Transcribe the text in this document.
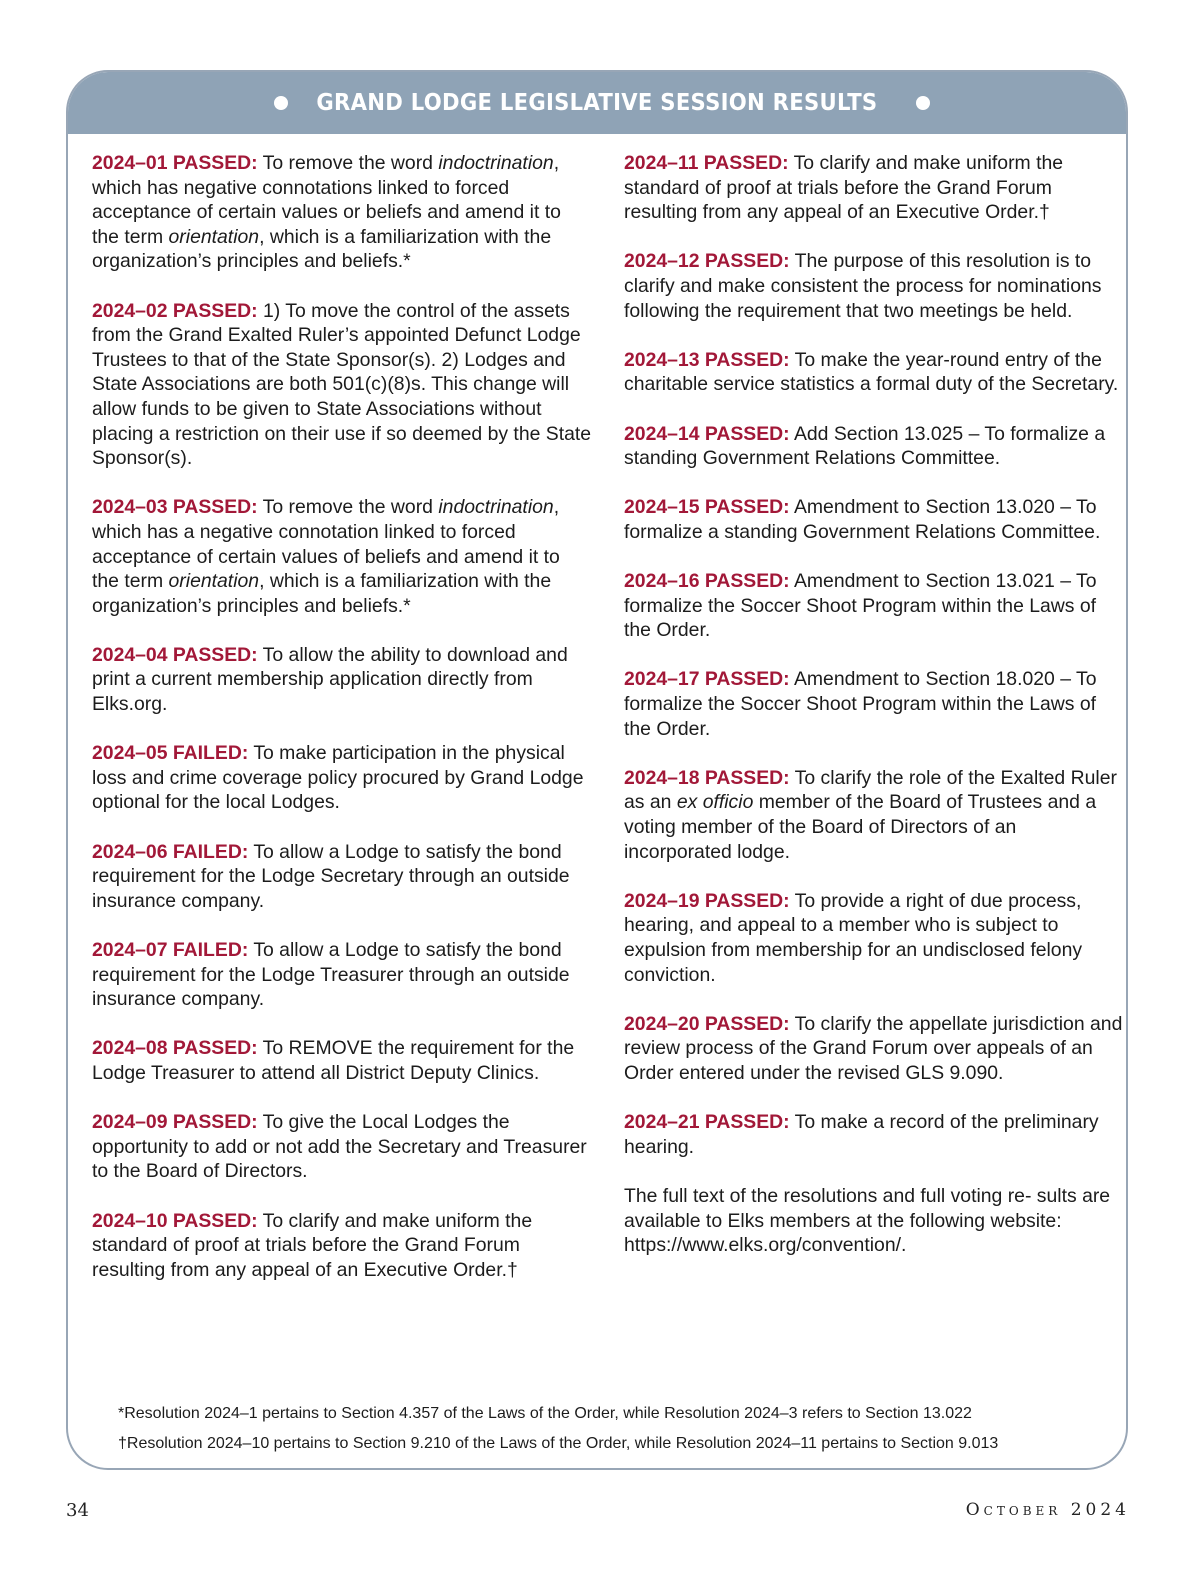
GRAND LODGE LEGISLATIVE SESSION RESULTS

2024–01 PASSED: To remove the word indoctrination, which has negative connotations linked to forced acceptance of certain values or beliefs and amend it to the term orientation, which is a familiarization with the organization’s principles and beliefs.*

2024–02 PASSED: 1) To move the control of the assets from the Grand Exalted Ruler’s appointed Defunct Lodge Trustees to that of the State Sponsor(s). 2) Lodges and State Associations are both 501(c)(8)s. This change will allow funds to be given to State Associations without placing a restriction on their use if so deemed by the State Sponsor(s).

2024–03 PASSED: To remove the word indoctrination, which has a negative connotation linked to forced acceptance of certain values of beliefs and amend it to the term orientation, which is a familiarization with the organization’s principles and beliefs.*

2024–04 PASSED: To allow the ability to download and print a current membership application directly from Elks.org.

2024–05 FAILED: To make participation in the physical loss and crime coverage policy procured by Grand Lodge optional for the local Lodges.

2024–06 FAILED: To allow a Lodge to satisfy the bond requirement for the Lodge Secretary through an outside insurance company.

2024–07 FAILED: To allow a Lodge to satisfy the bond requirement for the Lodge Treasurer through an outside insurance company.

2024–08 PASSED: To REMOVE the requirement for the Lodge Treasurer to attend all District Deputy Clinics.

2024–09 PASSED: To give the Local Lodges the opportunity to add or not add the Secretary and Treasurer to the Board of Directors.

2024–10 PASSED: To clarify and make uniform the standard of proof at trials before the Grand Forum resulting from any appeal of an Executive Order.†

2024–11 PASSED: To clarify and make uniform the standard of proof at trials before the Grand Forum resulting from any appeal of an Executive Order.†

2024–12 PASSED: The purpose of this resolution is to clarify and make consistent the process for nominations following the requirement that two meetings be held.

2024–13 PASSED: To make the year-round entry of the charitable service statistics a formal duty of the Secretary.

2024–14 PASSED: Add Section 13.025 – To formalize a standing Government Relations Committee.

2024–15 PASSED: Amendment to Section 13.020 – To formalize a standing Government Relations Committee.

2024–16 PASSED: Amendment to Section 13.021 – To formalize the Soccer Shoot Program within the Laws of the Order.

2024–17 PASSED: Amendment to Section 18.020 – To formalize the Soccer Shoot Program within the Laws of the Order.

2024–18 PASSED: To clarify the role of the Exalted Ruler as an ex officio member of the Board of Trustees and a voting member of the Board of Directors of an incorporated lodge.

2024–19 PASSED: To provide a right of due process, hearing, and appeal to a member who is subject to expulsion from membership for an undisclosed felony conviction.

2024–20 PASSED: To clarify the appellate jurisdiction and review process of the Grand Forum over appeals of an Order entered under the revised GLS 9.090.

2024–21 PASSED: To make a record of the preliminary hearing.

The full text of the resolutions and full voting re- sults are available to Elks members at the following website: https://www.elks.org/convention/.

*Resolution 2024–1 pertains to Section 4.357 of the Laws of the Order, while Resolution 2024–3 refers to Section 13.022
†Resolution 2024–10 pertains to Section 9.210 of the Laws of the Order, while Resolution 2024–11 pertains to Section 9.013
34	October 2024
